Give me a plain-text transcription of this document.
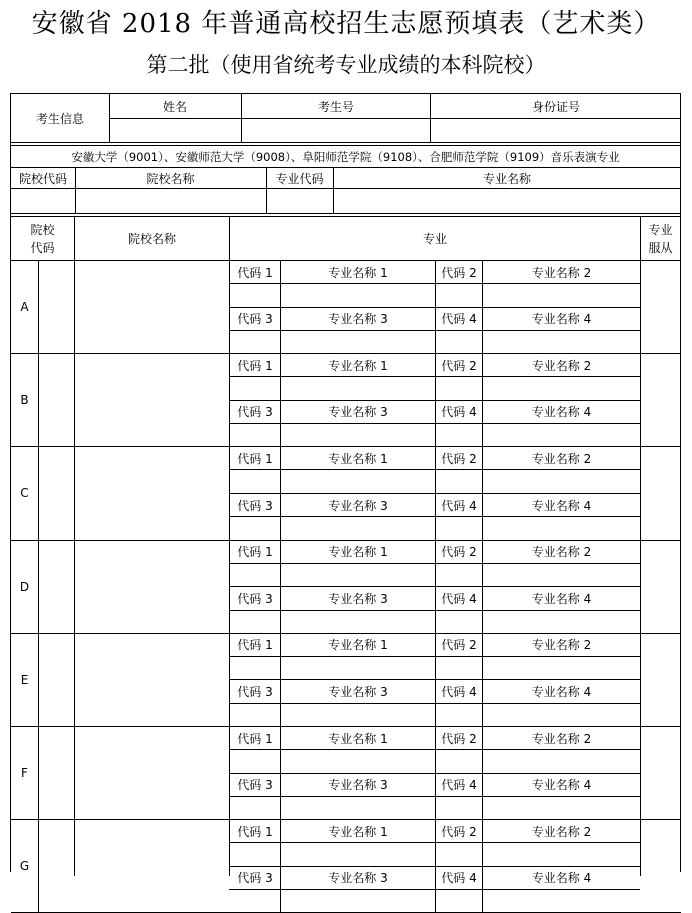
安徽省 2018 年普通高校招生志愿预填表（艺术类）
第二批（使用省统考专业成绩的本科院校）
考生信息
姓名	考生号	身份证号
安徽大学（9001）、安徽师范大学（9008）、阜阳师范学院（9108）、合肥师范学院（9109）音乐表演专业
院校代码	院校名称	专业代码	专业名称
院校
代码
院校名称	专业
专业
服从
A
代码 1	专业名称 1	代码 2	专业名称 2
代码 3	专业名称 3	代码 4	专业名称 4
B
代码 1	专业名称 1	代码 2	专业名称 2
代码 3	专业名称 3	代码 4	专业名称 4
C
代码 1	专业名称 1	代码 2	专业名称 2
代码 3	专业名称 3	代码 4	专业名称 4
D
代码 1	专业名称 1	代码 2	专业名称 2
代码 3	专业名称 3	代码 4	专业名称 4
E
代码 1	专业名称 1	代码 2	专业名称 2
代码 3	专业名称 3	代码 4	专业名称 4
F
代码 1	专业名称 1	代码 2	专业名称 2
代码 3	专业名称 3	代码 4	专业名称 4
G
代码 1	专业名称 1	代码 2	专业名称 2
代码 3	专业名称 3	代码 4	专业名称 4
